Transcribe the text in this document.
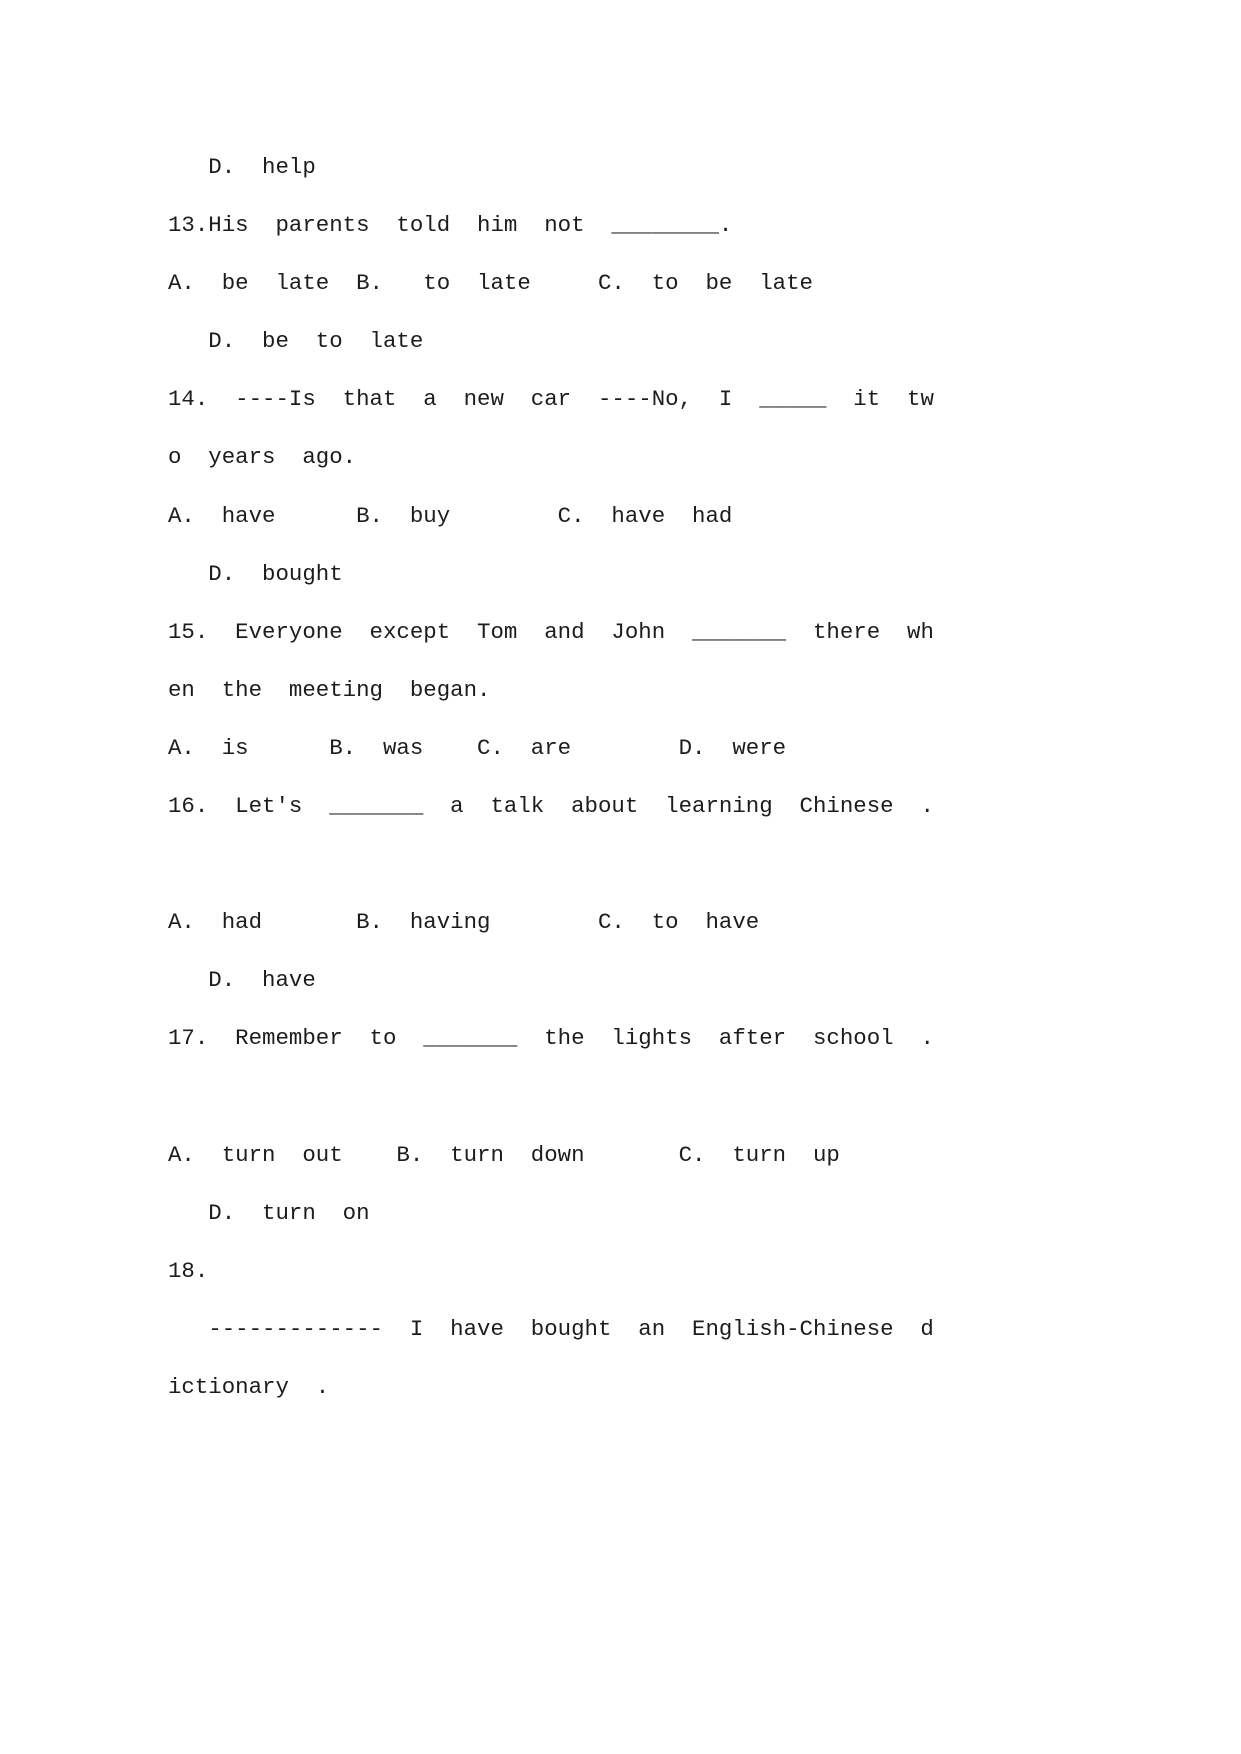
D.  help
13.His  parents  told  him  not  ________.
A.  be  late  B.   to  late     C.  to  be  late
D.  be  to  late
14.  ----Is  that  a  new  car  ----No,  I  _____  it  tw
o  years  ago.
A.  have      B.  buy        C.  have  had
D.  bought
15.  Everyone  except  Tom  and  John  _______  there  wh
en  the  meeting  began.
A.  is      B.  was    C.  are        D.  were
16.  Let's  _______  a  talk  about  learning  Chinese  .
A.  had       B.  having        C.  to  have
D.  have
17.  Remember  to  _______  the  lights  after  school  .
A.  turn  out    B.  turn  down       C.  turn  up
D.  turn  on
18.
-------------  I  have  bought  an  English-Chinese  d
ictionary  .
